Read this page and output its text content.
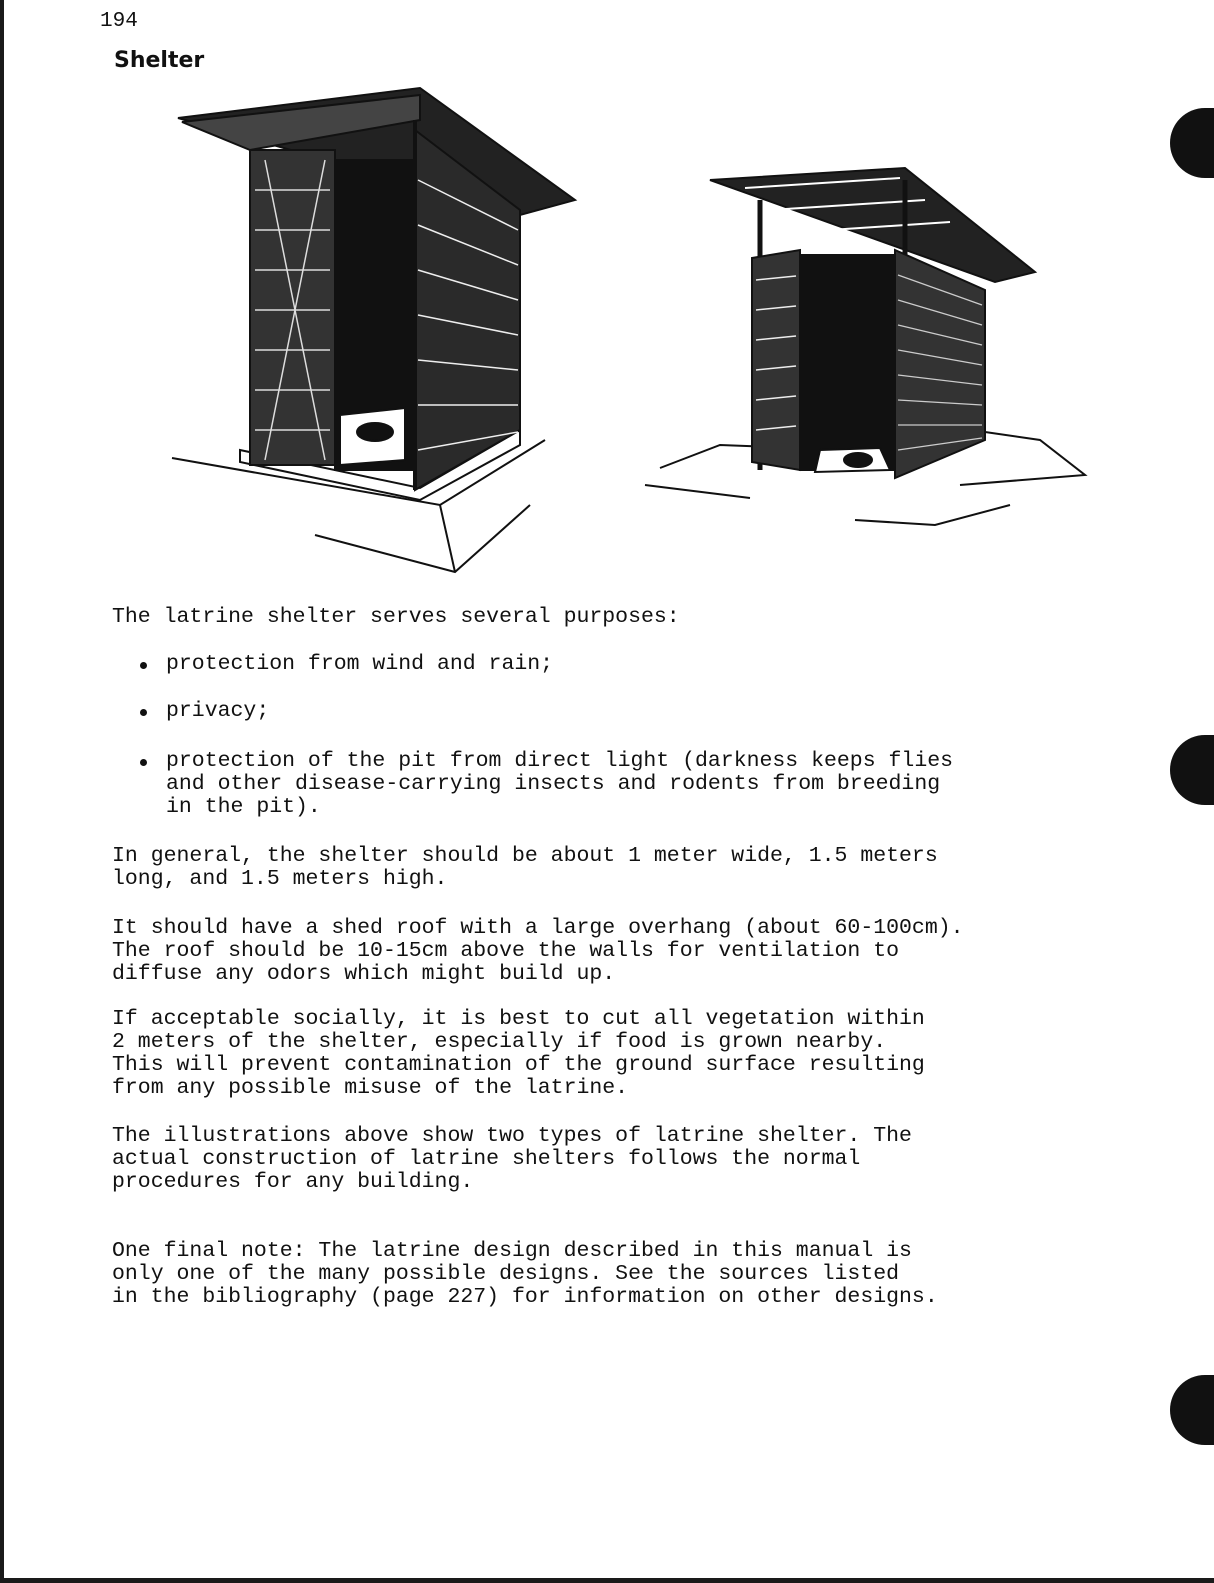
194
Shelter
The latrine shelter serves several purposes:
protection from wind and rain;
privacy;
protection of the pit from direct light (darkness keeps flies
and other disease-carrying insects and rodents from breeding
in the pit).
In general, the shelter should be about 1 meter wide, 1.5 meters
long, and 1.5 meters high.
It should have a shed roof with a large overhang (about 60-100cm).
The roof should be 10-15cm above the walls for ventilation to
diffuse any odors which might build up.
If acceptable socially, it is best to cut all vegetation within
2 meters of the shelter, especially if food is grown nearby.
This will prevent contamination of the ground surface resulting
from any possible misuse of the latrine.
The illustrations above show two types of latrine shelter. The
actual construction of latrine shelters follows the normal
procedures for any building.
One final note: The latrine design described in this manual is
only one of the many possible designs. See the sources listed
in the bibliography (page 227) for information on other designs.
